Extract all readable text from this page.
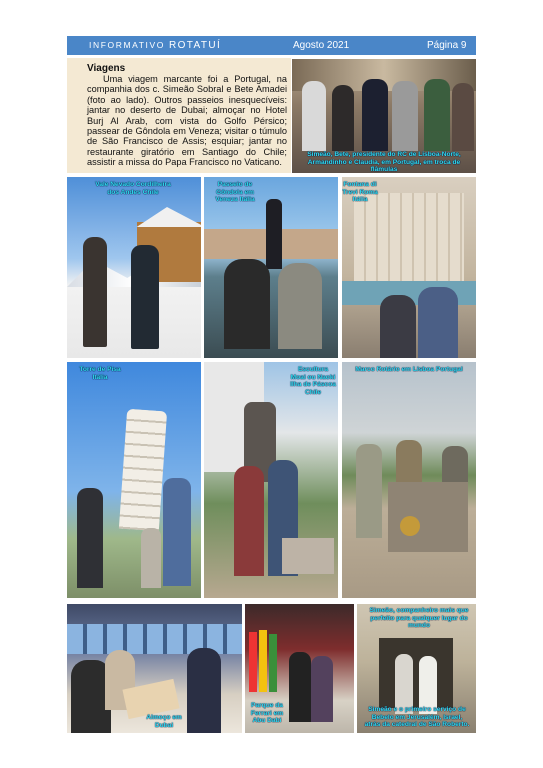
INFORMATIVO ROTATUÍ	Agosto 2021	Página 9
Viagens

Uma viagem marcante foi a Portugal, na companhia dos c. Simeão Sobral e Bete Amadei (foto ao lado). Outros passeios inesquecíveis: jantar no deserto de Dubai; almoçar no Hotel Burj Al Arab, com vista do Golfo Pérsico; passear de Gôndola em Veneza; visitar o túmulo de São Francisco de Assis; esquiar; jantar no restaurante giratório em Santiago do Chile; assistir a missa do Papa Francisco no Vaticano.

Simeão, Bete, presidente do RC de Lisboa-Norte, Armandinho e Claudia, em Portugal, em troca de flâmulas
Vale Nevado Cordilheira dos Andes Chile
Passeio de Gôndola em Veneza Itália
Fontana di Trevi Roma Itália
Torre de Pisa Itália
Escultura Moai ou Naoki Ilha de Páscoa Chile
Marco Rotário em Lisboa Portugal
Almoço em Dubai
Parque da Ferrari em Abu Dabi
Simeão, companheiro mais que perfeito para qualquer lugar do mundo
Simeão e o primeiro serviço de Bebelo em Jerusalém, Israel, atrás da catedral de São Roberto.
